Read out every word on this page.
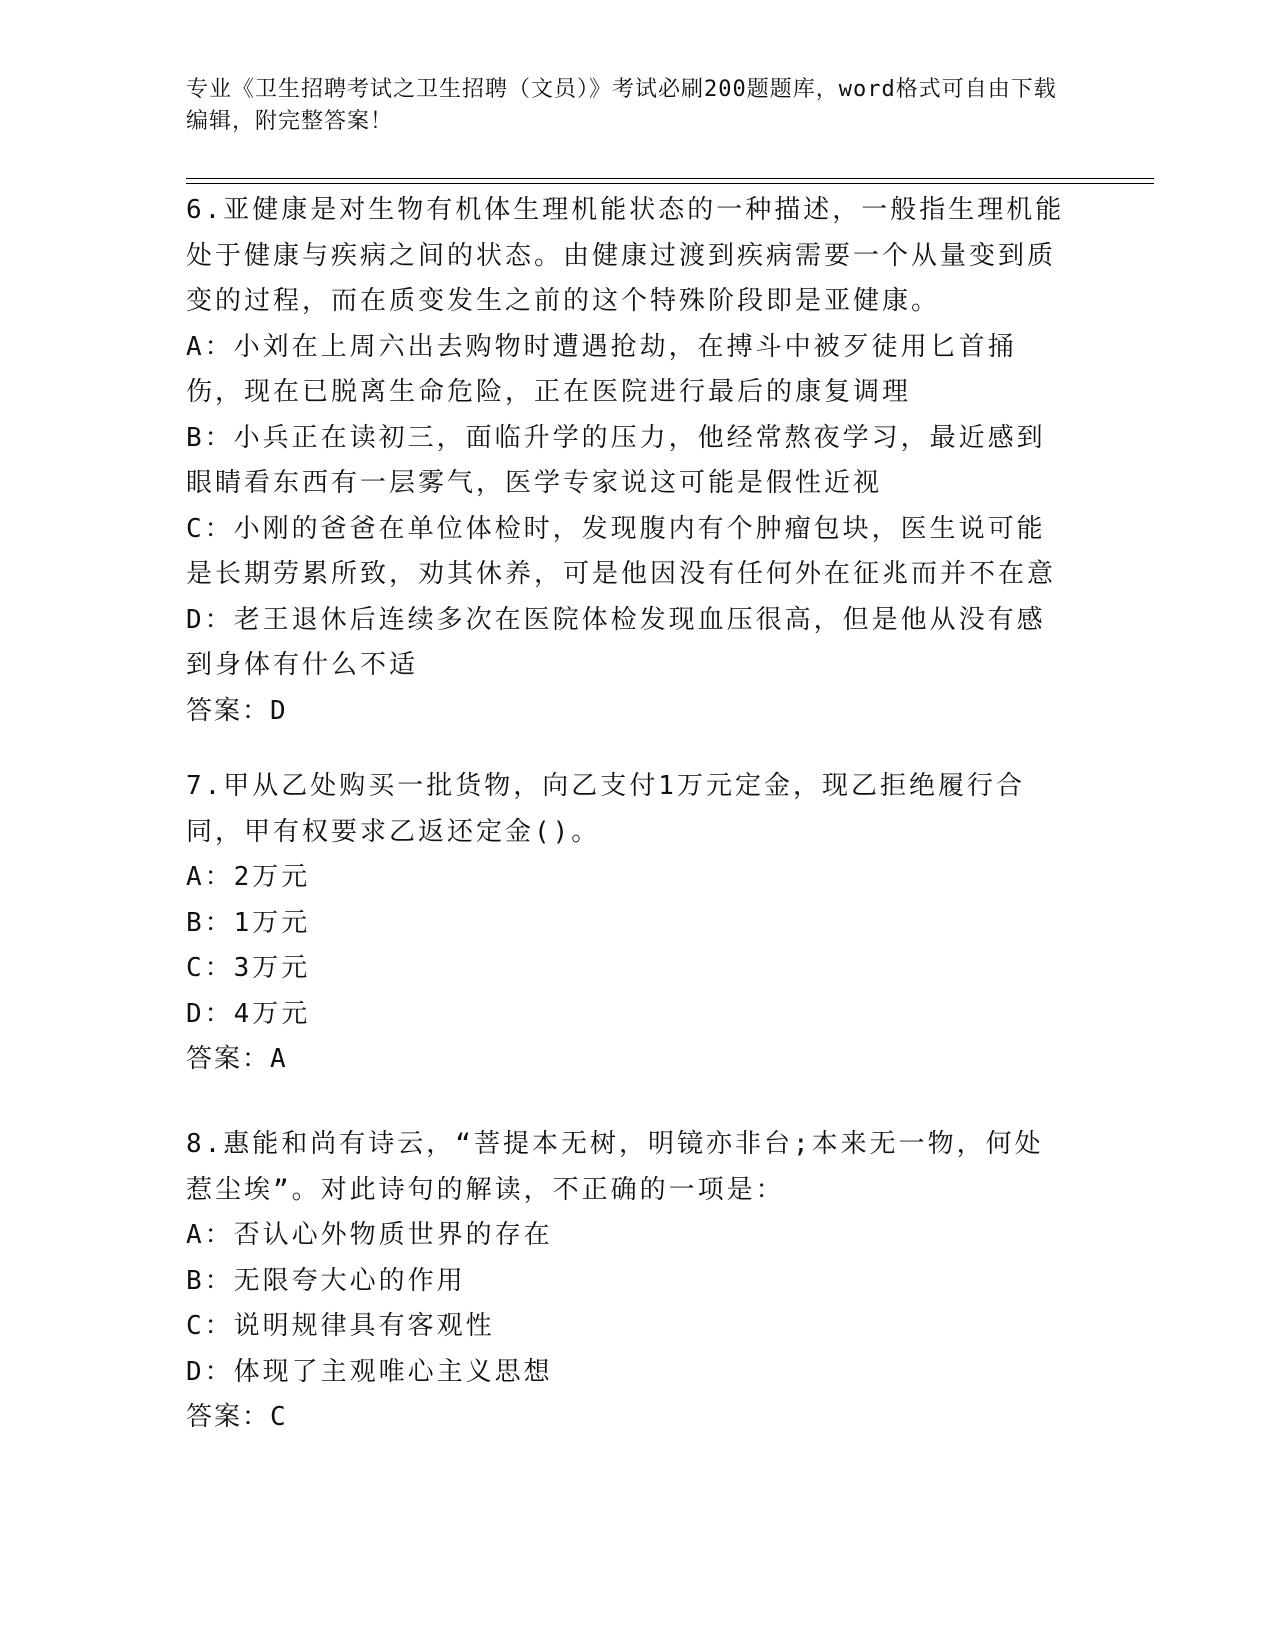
专业《卫生招聘考试之卫生招聘（文员）》考试必刷200题题库，word格式可自由下载编辑，附完整答案！

6.亚健康是对生物有机体生理机能状态的一种描述，一般指生理机能处于健康与疾病之间的状态。由健康过渡到疾病需要一个从量变到质变的过程，而在质变发生之前的这个特殊阶段即是亚健康。

A：小刘在上周六出去购物时遭遇抢劫，在搏斗中被歹徒用匕首捅伤，现在已脱离生命危险，正在医院进行最后的康复调理

B：小兵正在读初三，面临升学的压力，他经常熬夜学习，最近感到眼睛看东西有一层雾气，医学专家说这可能是假性近视

C：小刚的爸爸在单位体检时，发现腹内有个肿瘤包块，医生说可能是长期劳累所致，劝其休养，可是他因没有任何外在征兆而并不在意

D：老王退休后连续多次在医院体检发现血压很高，但是他从没有感到身体有什么不适

答案：D

7.甲从乙处购买一批货物，向乙支付1万元定金，现乙拒绝履行合同，甲有权要求乙返还定金()。

A：2万元

B：1万元

C：3万元

D：4万元

答案：A

8.惠能和尚有诗云，“菩提本无树，明镜亦非台;本来无一物，何处惹尘埃”。对此诗句的解读，不正确的一项是：

A：否认心外物质世界的存在

B：无限夸大心的作用

C：说明规律具有客观性

D：体现了主观唯心主义思想

答案：C
